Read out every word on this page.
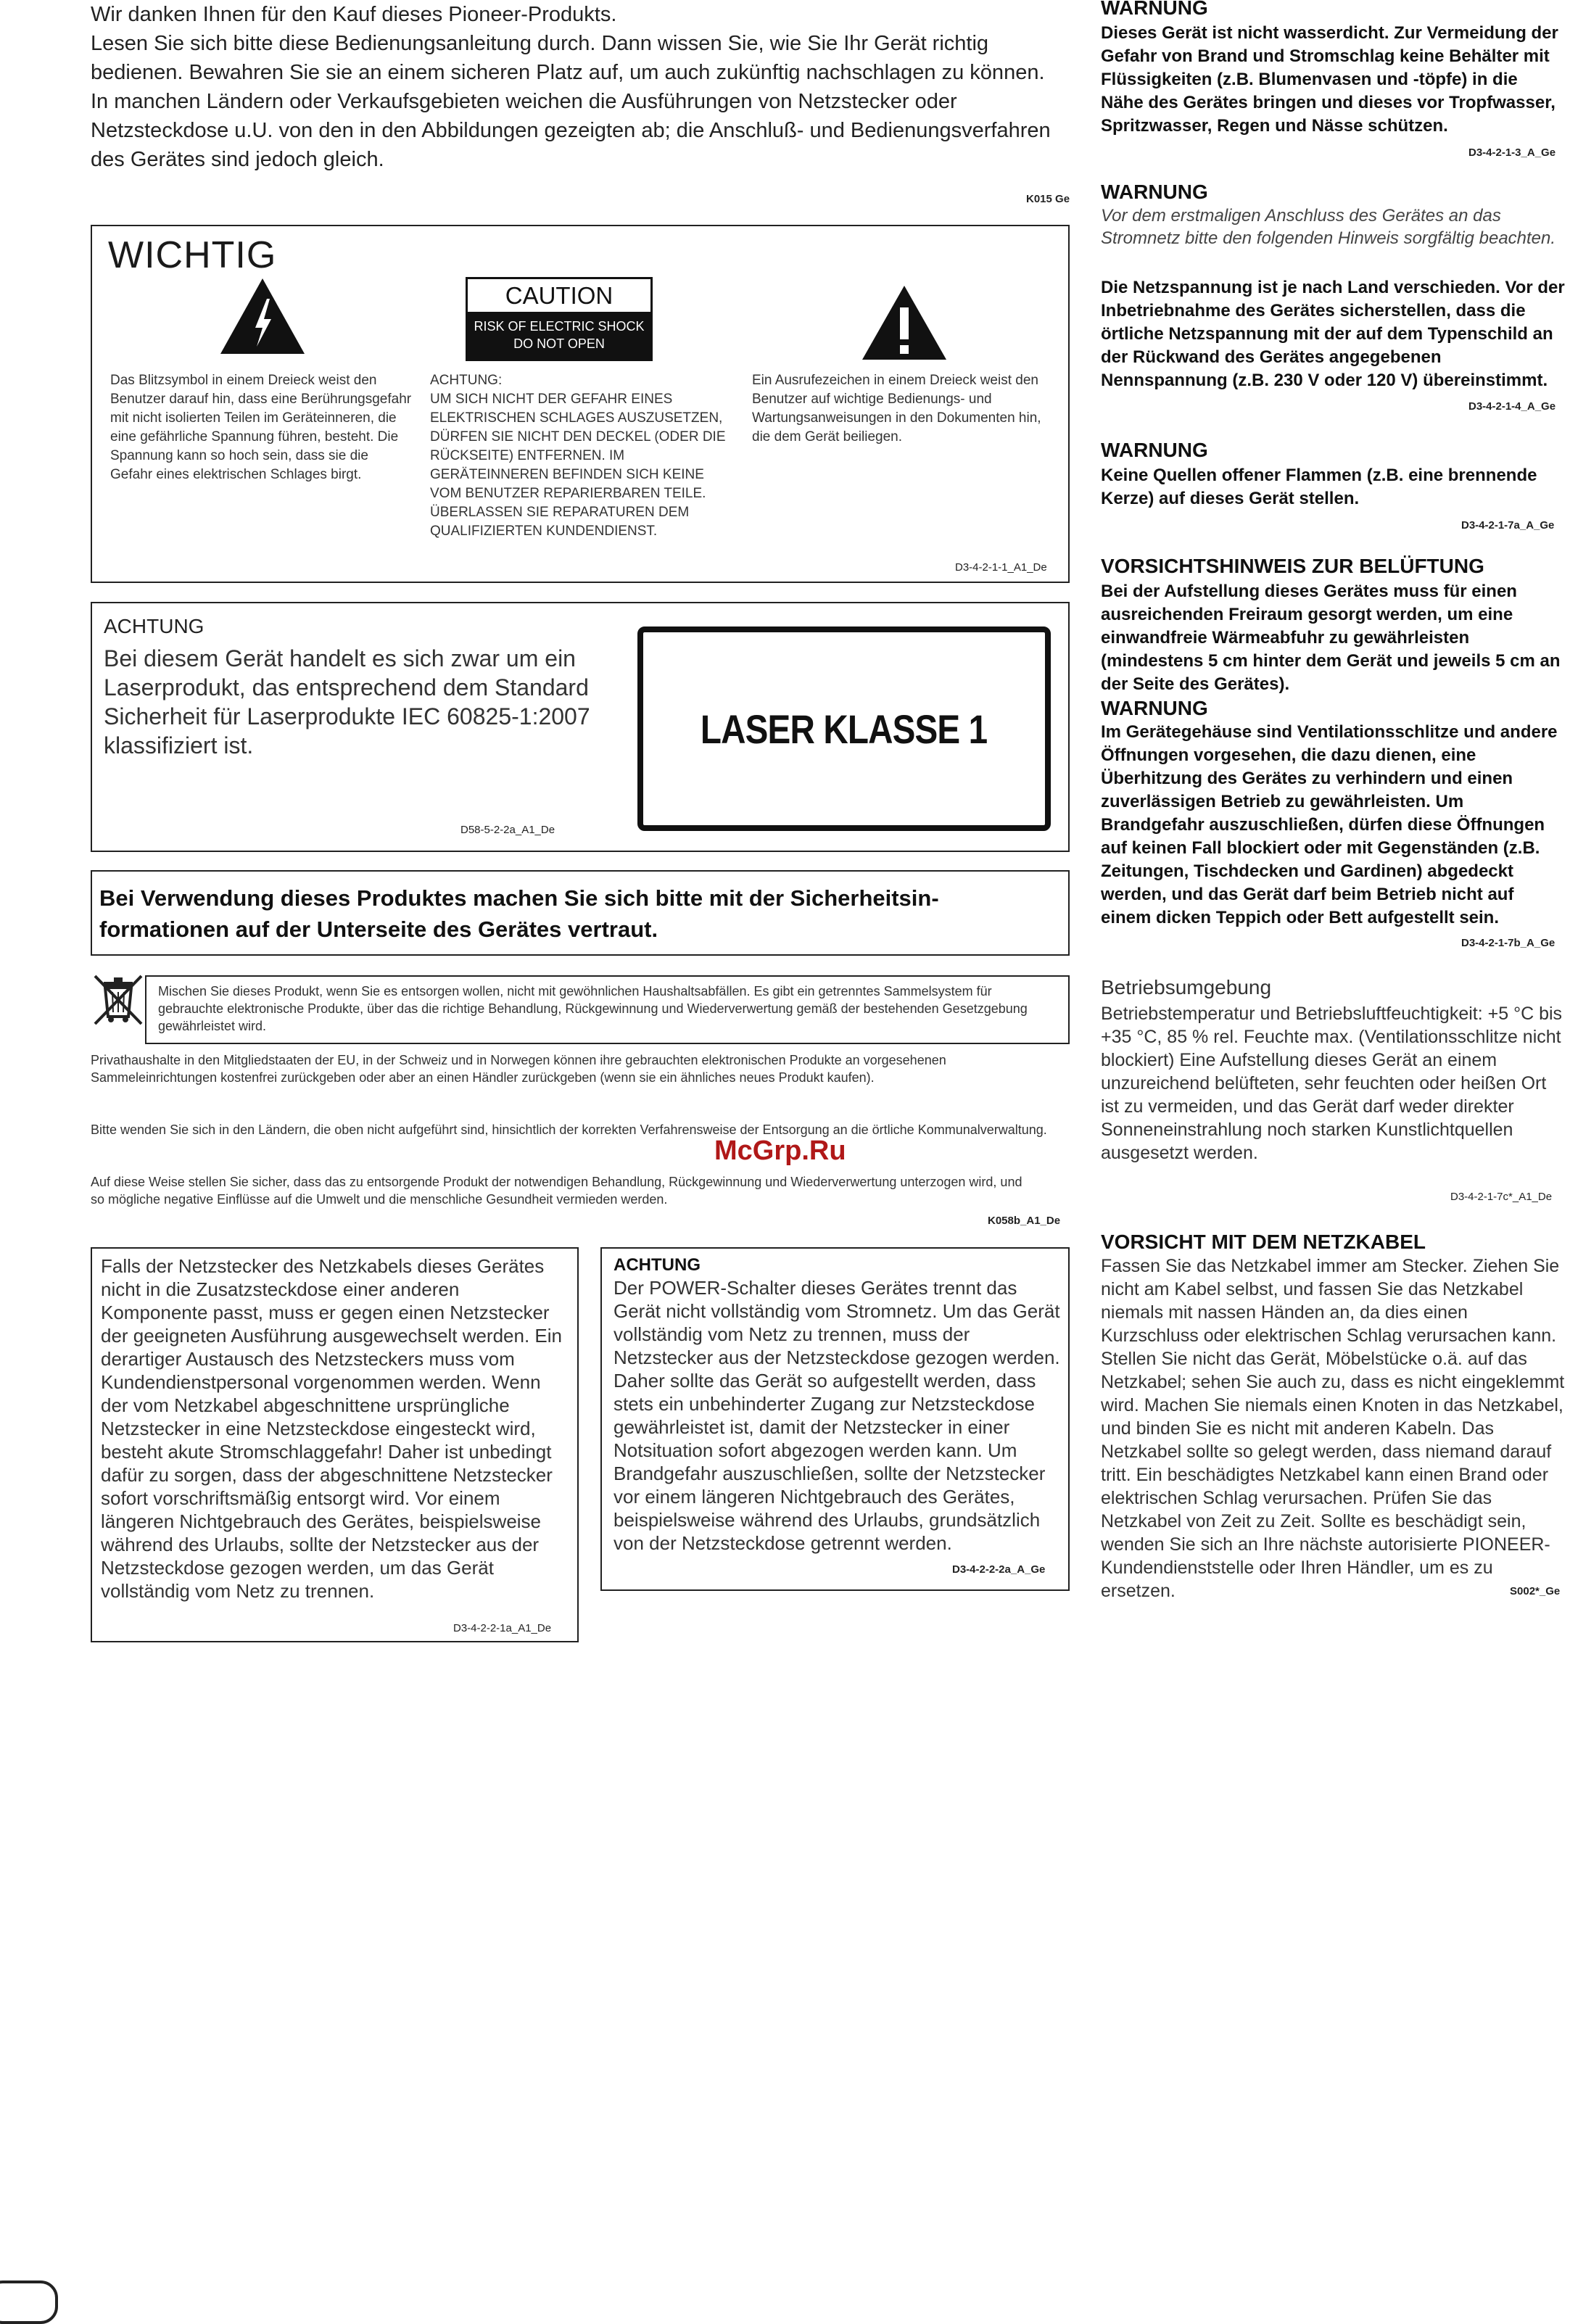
Wir danken Ihnen für den Kauf dieses Pioneer-Produkts.

Lesen Sie sich bitte diese Bedienungsanleitung durch. Dann wissen Sie, wie Sie Ihr Gerät richtig bedienen. Bewahren Sie sie an einem sicheren Platz auf, um auch zukünftig nachschlagen zu können.

In manchen Ländern oder Verkaufsgebieten weichen die Ausführungen von Netzstecker oder Netzsteckdose u.U. von den in den Abbildungen gezeigten ab; die Anschluß- und Bedienungsverfahren des Gerätes sind jedoch gleich.

K015 Ge
WICHTIG
CAUTION
RISK OF ELECTRIC SHOCK
DO NOT OPEN
Das Blitzsymbol in einem Dreieck weist den Benutzer darauf hin, dass eine Berührungsgefahr mit nicht isolierten Teilen im Geräteinneren, die eine gefährliche Spannung führen, besteht. Die Spannung kann so hoch sein, dass sie die Gefahr eines elektrischen Schlages birgt.
ACHTUNG:
UM SICH NICHT DER GEFAHR EINES ELEKTRISCHEN SCHLAGES AUSZUSETZEN, DÜRFEN SIE NICHT DEN DECKEL (ODER DIE RÜCKSEITE) ENTFERNEN. IM GERÄTEINNEREN BEFINDEN SICH KEINE VOM BENUTZER REPARIERBAREN TEILE. ÜBERLASSEN SIE REPARATUREN DEM QUALIFIZIERTEN KUNDENDIENST.
Ein Ausrufezeichen in einem Dreieck weist den Benutzer auf wichtige Bedienungs- und Wartungsanweisungen in den Dokumenten hin, die dem Gerät beiliegen.
D3-4-2-1-1_A1_De
ACHTUNG
Bei diesem Gerät handelt es sich zwar um ein Laserprodukt, das entsprechend dem Standard Sicherheit für Laserprodukte IEC 60825-1:2007 klassifiziert ist.
D58-5-2-2a_A1_De
LASER KLASSE 1
Bei Verwendung dieses Produktes machen Sie sich bitte mit der Sicherheitsin-formationen auf der Unterseite des Gerätes vertraut.
Mischen Sie dieses Produkt, wenn Sie es entsorgen wollen, nicht mit gewöhnlichen Haushaltsabfällen. Es gibt ein getrenntes Sammelsystem für gebrauchte elektronische Produkte, über das die richtige Behandlung, Rückgewinnung und Wiederverwertung gemäß der bestehenden Gesetzgebung gewährleistet wird.
Privathaushalte in den Mitgliedstaaten der EU, in der Schweiz und in Norwegen können ihre gebrauchten elektronischen Produkte an vorgesehenen Sammeleinrichtungen kostenfrei zurückgeben oder aber an einen Händler zurückgeben (wenn sie ein ähnliches neues Produkt kaufen).
Bitte wenden Sie sich in den Ländern, die oben nicht aufgeführt sind, hinsichtlich der korrekten Verfahrensweise der Entsorgung an die örtliche Kommunalverwaltung.
Auf diese Weise stellen Sie sicher, dass das zu entsorgende Produkt der notwendigen Behandlung, Rückgewinnung und Wiederverwertung unterzogen wird, und so mögliche negative Einflüsse auf die Umwelt und die menschliche Gesundheit vermieden werden.
K058b_A1_De
McGrp.Ru
Falls der Netzstecker des Netzkabels dieses Gerätes nicht in die Zusatzsteckdose einer anderen Komponente passt, muss er gegen einen Netzstecker der geeigneten Ausführung ausgewechselt werden. Ein derartiger Austausch des Netzsteckers muss vom Kundendienstpersonal vorgenommen werden. Wenn der vom Netzkabel abgeschnittene ursprüngliche Netzstecker in eine Netzsteckdose eingesteckt wird, besteht akute Stromschlaggefahr! Daher ist unbedingt dafür zu sorgen, dass der abgeschnittene Netzstecker sofort vorschriftsmäßig entsorgt wird. Vor einem längeren Nichtgebrauch des Gerätes, beispielsweise während des Urlaubs, sollte der Netzstecker aus der Netzsteckdose gezogen werden, um das Gerät vollständig vom Netz zu trennen.
D3-4-2-2-1a_A1_De
ACHTUNG
Der POWER-Schalter dieses Gerätes trennt das Gerät nicht vollständig vom Stromnetz. Um das Gerät vollständig vom Netz zu trennen, muss der Netzstecker aus der Netzsteckdose gezogen werden. Daher sollte das Gerät so aufgestellt werden, dass stets ein unbehinderter Zugang zur Netzsteckdose gewährleistet ist, damit der Netzstecker in einer Notsituation sofort abgezogen werden kann. Um Brandgefahr auszuschließen, sollte der Netzstecker vor einem längeren Nichtgebrauch des Gerätes, beispielsweise während des Urlaubs, grundsätzlich von der Netzsteckdose getrennt werden.
D3-4-2-2-2a_A_Ge
WARNUNG
Dieses Gerät ist nicht wasserdicht. Zur Vermeidung der Gefahr von Brand und Stromschlag keine Behälter mit Flüssigkeiten (z.B. Blumenvasen und -töpfe) in die Nähe des Gerätes bringen und dieses vor Tropfwasser, Spritzwasser, Regen und Nässe schützen.
D3-4-2-1-3_A_Ge
WARNUNG
Vor dem erstmaligen Anschluss des Gerätes an das Stromnetz bitte den folgenden Hinweis sorgfältig beachten.
Die Netzspannung ist je nach Land verschieden. Vor der Inbetriebnahme des Gerätes sicherstellen, dass die örtliche Netzspannung mit der auf dem Typenschild an der Rückwand des Gerätes angegebenen Nennspannung (z.B. 230 V oder 120 V) übereinstimmt.
D3-4-2-1-4_A_Ge
WARNUNG
Keine Quellen offener Flammen (z.B. eine brennende Kerze) auf dieses Gerät stellen.
D3-4-2-1-7a_A_Ge
VORSICHTSHINWEIS ZUR BELÜFTUNG
Bei der Aufstellung dieses Gerätes muss für einen ausreichenden Freiraum gesorgt werden, um eine einwandfreie Wärmeabfuhr zu gewährleisten (mindestens 5 cm hinter dem Gerät und jeweils 5 cm an der Seite des Gerätes).
WARNUNG
Im Gerätegehäuse sind Ventilationsschlitze und andere Öffnungen vorgesehen, die dazu dienen, eine Überhitzung des Gerätes zu verhindern und einen zuverlässigen Betrieb zu gewährleisten. Um Brandgefahr auszuschließen, dürfen diese Öffnungen auf keinen Fall blockiert oder mit Gegenständen (z.B. Zeitungen, Tischdecken und Gardinen) abgedeckt werden, und das Gerät darf beim Betrieb nicht auf einem dicken Teppich oder Bett aufgestellt sein.
D3-4-2-1-7b_A_Ge
Betriebsumgebung
Betriebstemperatur und Betriebsluftfeuchtigkeit: +5 °C bis +35 °C, 85 % rel. Feuchte max. (Ventilationsschlitze nicht blockiert) Eine Aufstellung dieses Gerät an einem unzureichend belüfteten, sehr feuchten oder heißen Ort ist zu vermeiden, und das Gerät darf weder direkter Sonneneinstrahlung noch starken Kunstlichtquellen ausgesetzt werden.
D3-4-2-1-7c*_A1_De
VORSICHT MIT DEM NETZKABEL
Fassen Sie das Netzkabel immer am Stecker. Ziehen Sie nicht am Kabel selbst, und fassen Sie das Netzkabel niemals mit nassen Händen an, da dies einen Kurzschluss oder elektrischen Schlag verursachen kann. Stellen Sie nicht das Gerät, Möbelstücke o.ä. auf das Netzkabel; sehen Sie auch zu, dass es nicht eingeklemmt wird. Machen Sie niemals einen Knoten in das Netzkabel, und binden Sie es nicht mit anderen Kabeln. Das Netzkabel sollte so gelegt werden, dass niemand darauf tritt. Ein beschädigtes Netzkabel kann einen Brand oder elektrischen Schlag verursachen. Prüfen Sie das Netzkabel von Zeit zu Zeit. Sollte es beschädigt sein, wenden Sie sich an Ihre nächste autorisierte PIONEER-Kundendienststelle oder Ihren Händler, um es zu ersetzen.	S002*_Ge
